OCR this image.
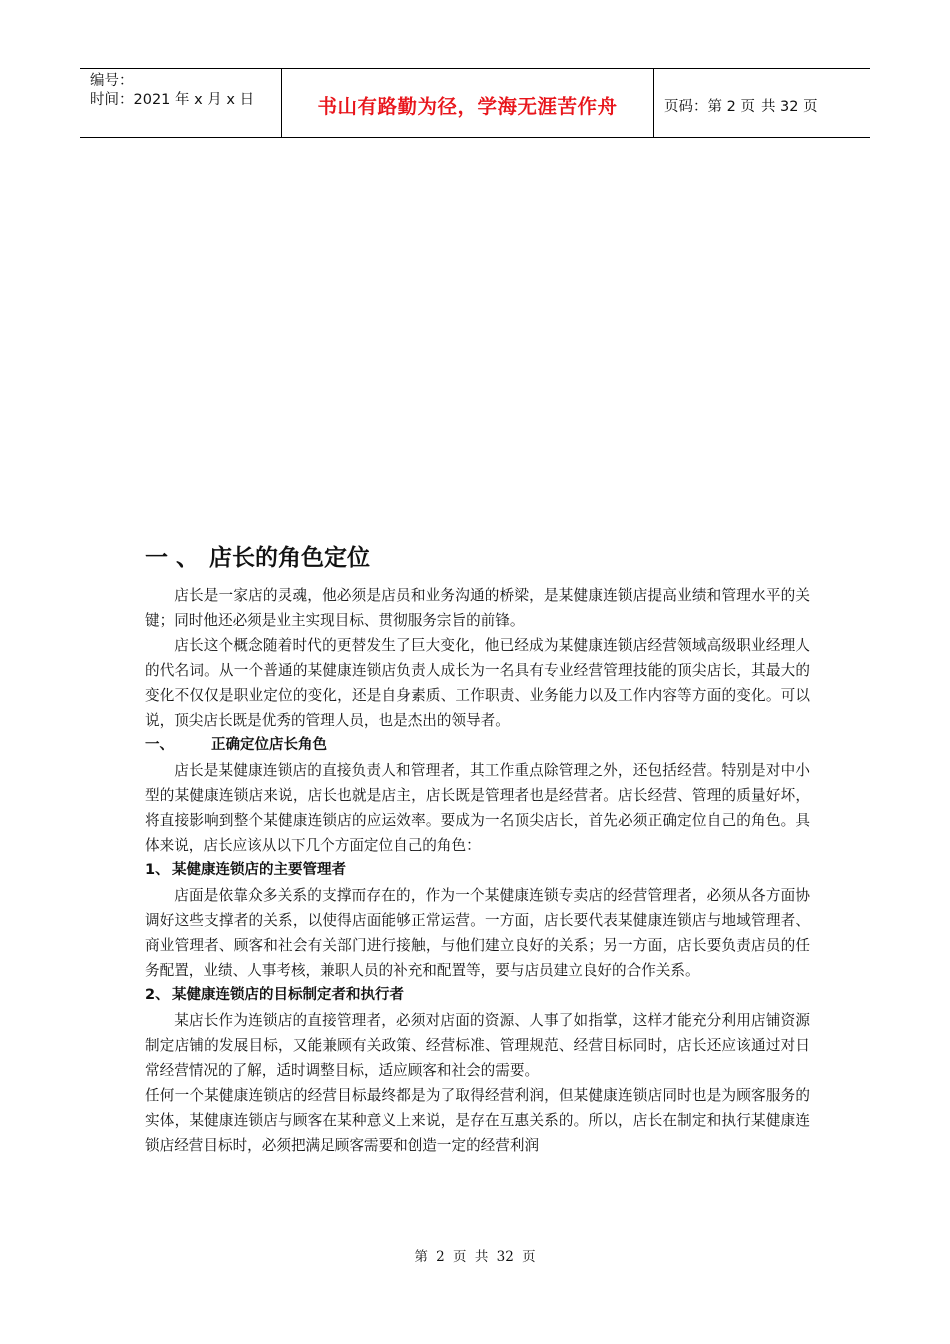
编号：
时间：2021 年 x 月 x 日	书山有路勤为径，学海无涯苦作舟	页码：第 2 页 共 32 页
一 、 店长的角色定位

店长是一家店的灵魂，他必须是店员和业务沟通的桥梁，是某健康连锁店提高业绩和管理水平的关键；同时他还必须是业主实现目标、贯彻服务宗旨的前锋。

店长这个概念随着时代的更替发生了巨大变化，他已经成为某健康连锁店经营领域高级职业经理人的代名词。从一个普通的某健康连锁店负责人成长为一名具有专业经营管理技能的顶尖店长，其最大的变化不仅仅是职业定位的变化，还是自身素质、工作职责、业务能力以及工作内容等方面的变化。可以说，顶尖店长既是优秀的管理人员，也是杰出的领导者。

一、	正确定位店长角色

店长是某健康连锁店的直接负责人和管理者，其工作重点除管理之外，还包括经营。特别是对中小型的某健康连锁店来说，店长也就是店主，店长既是管理者也是经营者。店长经营、管理的质量好坏，将直接影响到整个某健康连锁店的应运效率。要成为一名顶尖店长，首先必须正确定位自己的角色。具体来说，店长应该从以下几个方面定位自己的角色：

1、 某健康连锁店的主要管理者

店面是依靠众多关系的支撑而存在的，作为一个某健康连锁专卖店的经营管理者，必须从各方面协调好这些支撑者的关系，以使得店面能够正常运营。一方面，店长要代表某健康连锁店与地域管理者、商业管理者、顾客和社会有关部门进行接触，与他们建立良好的关系；另一方面，店长要负责店员的任务配置，业绩、人事考核，兼职人员的补充和配置等，要与店员建立良好的合作关系。

2、 某健康连锁店的目标制定者和执行者

某店长作为连锁店的直接管理者，必须对店面的资源、人事了如指掌，这样才能充分利用店铺资源制定店铺的发展目标，又能兼顾有关政策、经营标准、管理规范、经营目标同时，店长还应该通过对日常经营情况的了解，适时调整目标，适应顾客和社会的需要。

任何一个某健康连锁店的经营目标最终都是为了取得经营利润，但某健康连锁店同时也是为顾客服务的实体，某健康连锁店与顾客在某种意义上来说，是存在互惠关系的。所以，店长在制定和执行某健康连锁店经营目标时，必须把满足顾客需要和创造一定的经营利润

第 2 页 共 32 页
